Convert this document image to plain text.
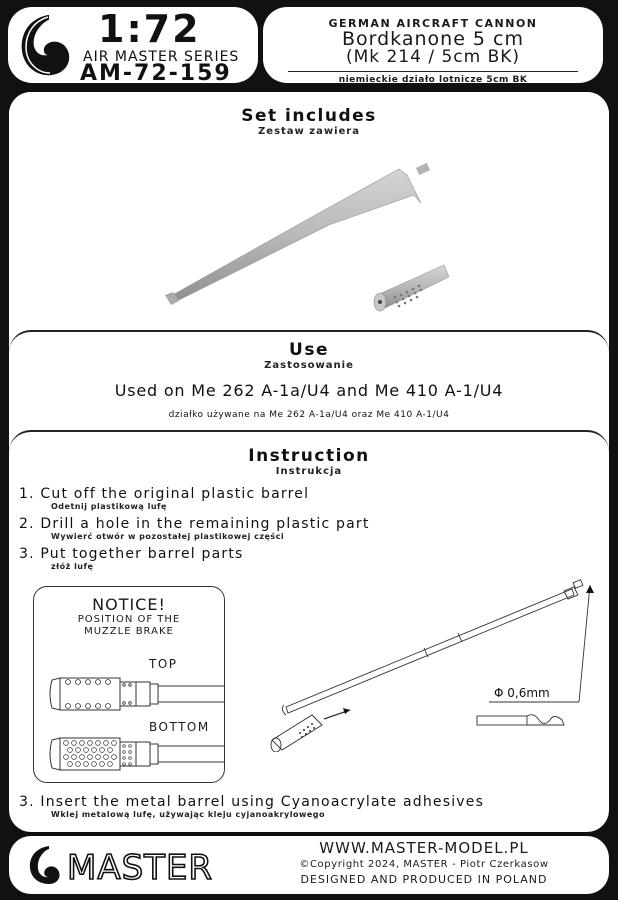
1:72
AIR MASTER SERIES
AM-72-159
GERMAN AIRCRAFT CANNON
Bordkanone 5 cm
(Mk 214 / 5cm BK)
niemieckie działo lotnicze 5cm BK
Set includes
Zestaw zawiera
Use
Zastosowanie
Used on Me 262 A-1a/U4 and Me 410 A-1/U4
działko używane na Me 262 A-1a/U4 oraz Me 410 A-1/U4
Instruction
Instrukcja
1. Cut off the original plastic barrel
Odetnij plastikową lufę
2. Drill a hole in the remaining plastic part
Wywierć otwór w pozostałej plastikowej części
3. Put together barrel parts
złóż lufę
NOTICE!
POSITION OF THE
MUZZLE BRAKE
TOP
BOTTOM
Φ 0,6mm
3. Insert the metal barrel using Cyanoacrylate adhesives
Wklej metalową lufę, używając kleju cyjanoakrylowego
MASTER	WWW.MASTER-MODEL.PL
©Copyright 2024, MASTER - Piotr Czerkasow
DESIGNED AND PRODUCED IN POLAND
